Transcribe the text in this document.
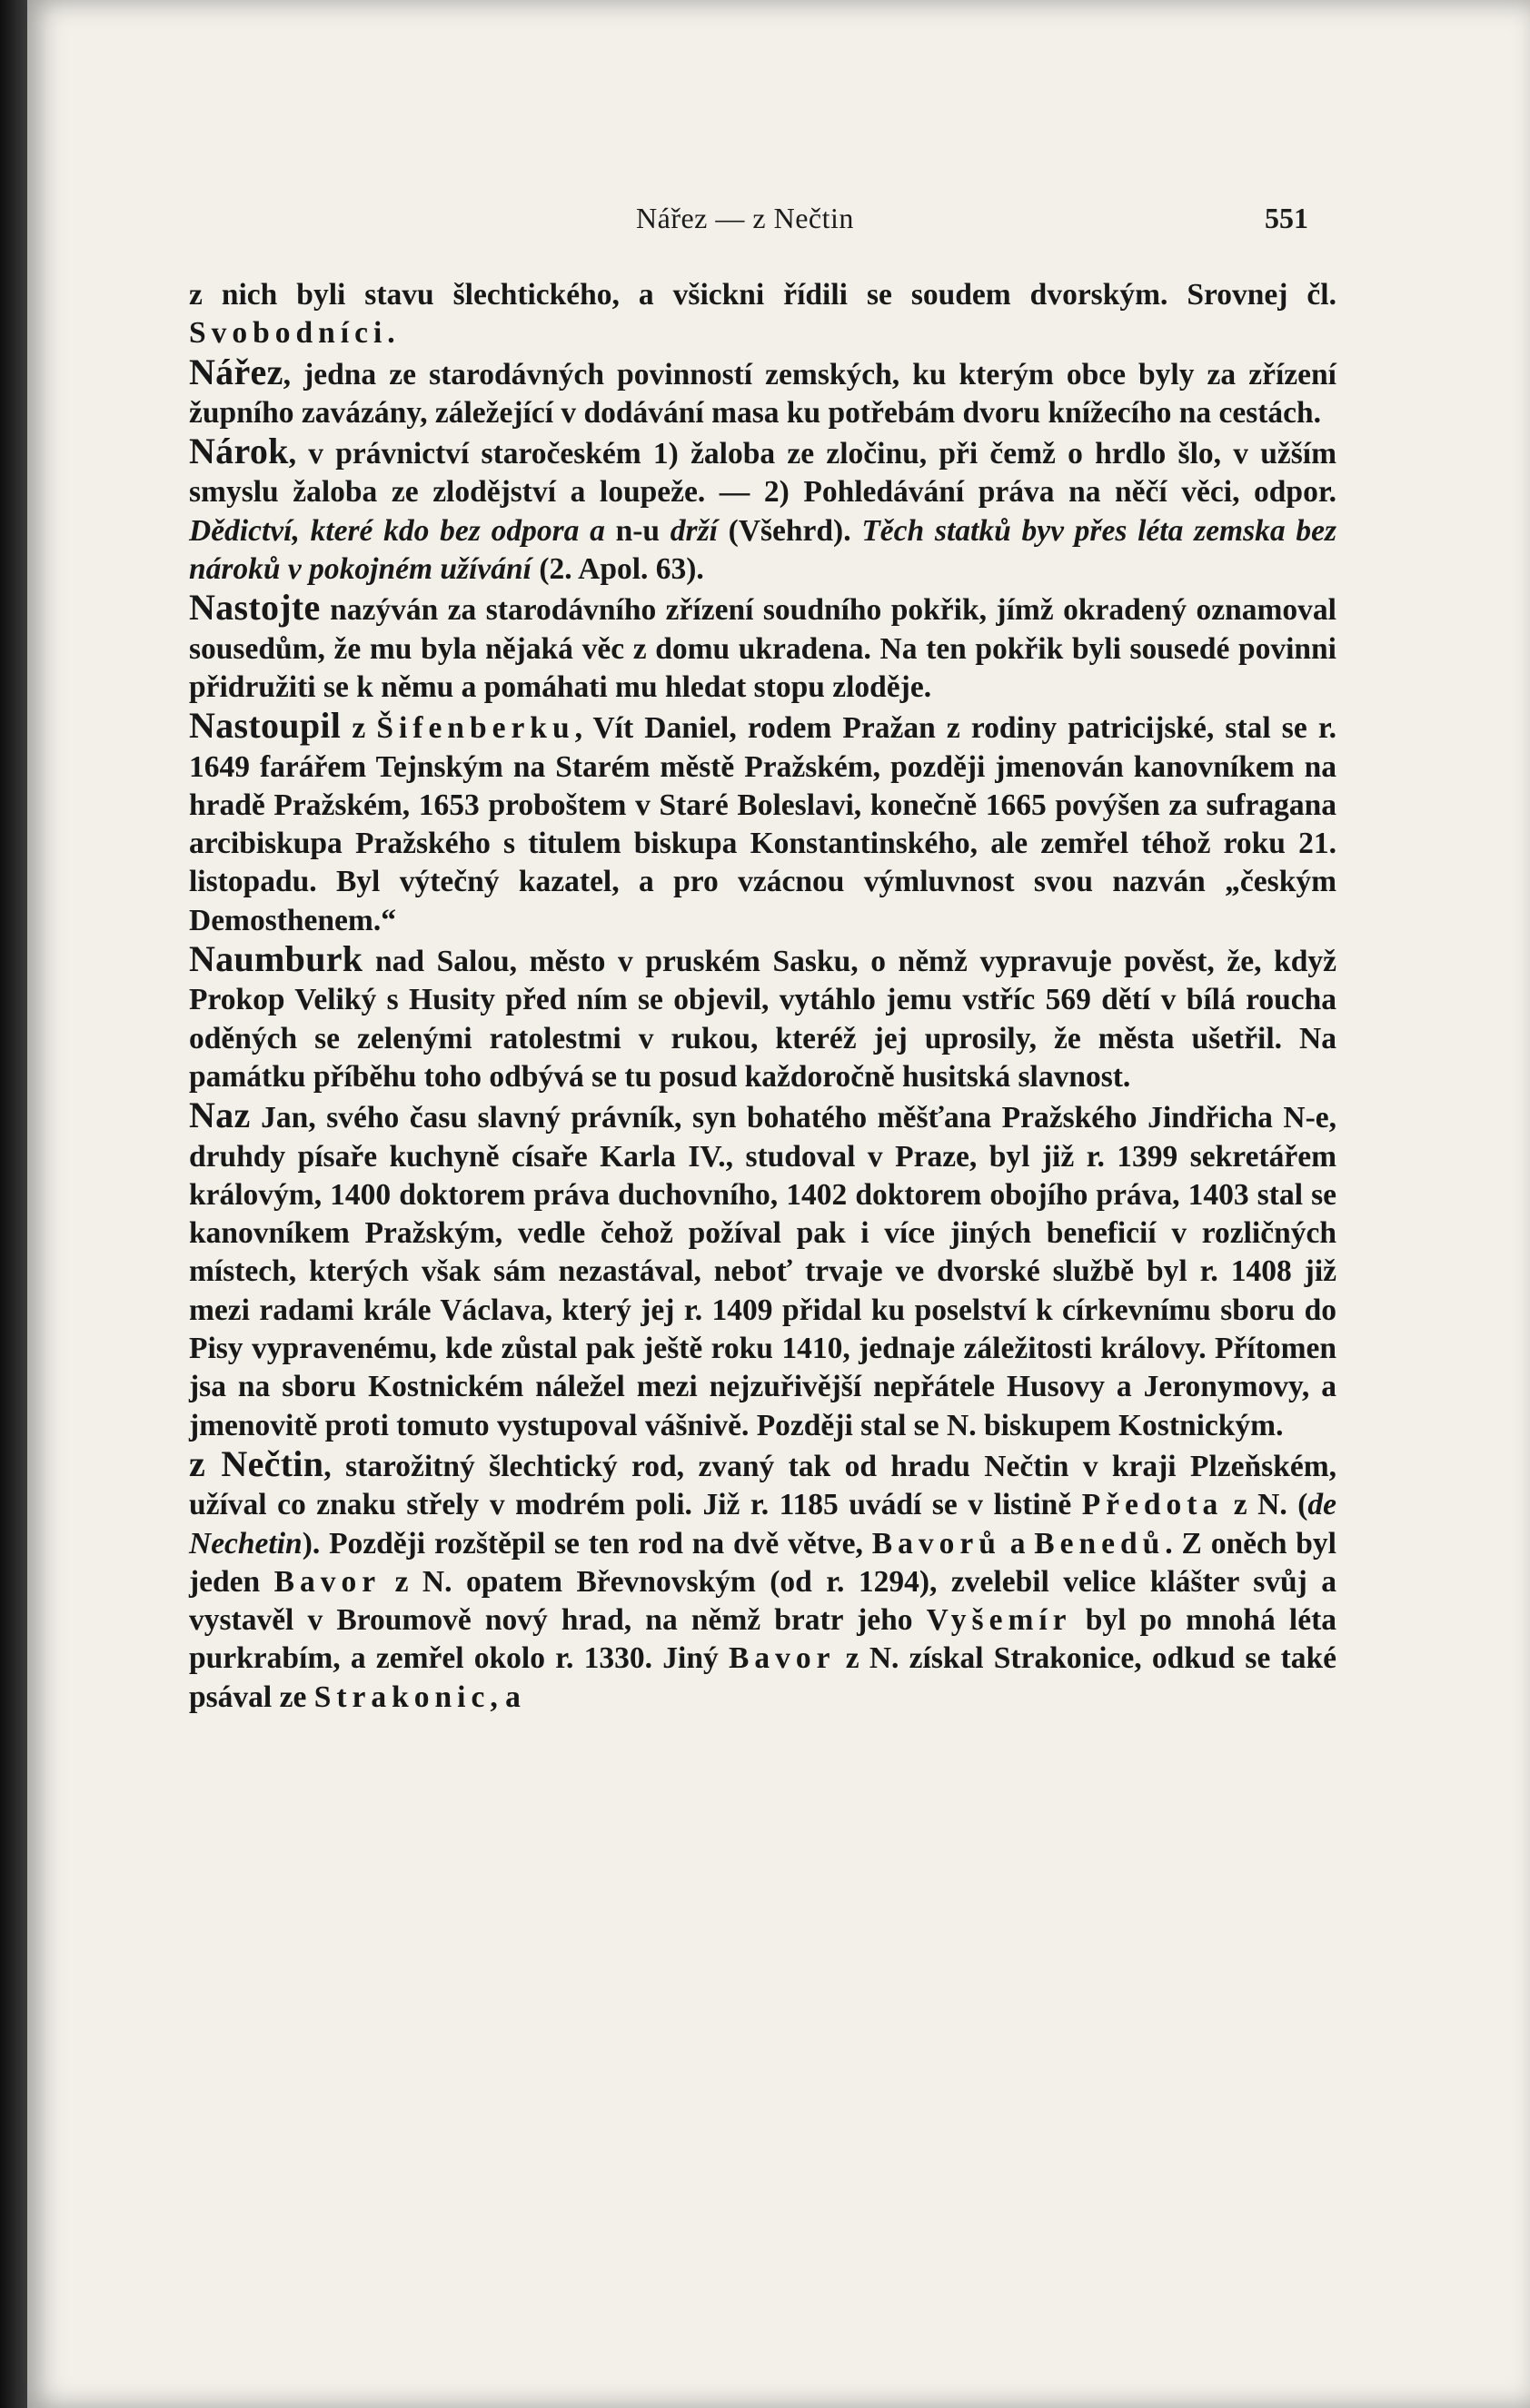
Nářez — z Nečtin	551

z nich byli stavu šlechtického, a všickni řídili se soudem dvorským. Srovnej čl. Svobodníci.

Nářez, jedna ze starodávných povinností zemských, ku kterým obce byly za zřízení župního zavázány, záležející v dodávání masa ku potřebám dvoru knížecího na cestách.

Nárok, v právnictví staročeském 1) žaloba ze zločinu, při čemž o hrdlo šlo, v užším smyslu žaloba ze zlodějství a loupeže. — 2) Pohledávání práva na něčí věci, odpor. Dědictví, které kdo bez odpora a n-u drží (Všehrd). Těch statků byv přes léta zemska bez nároků v pokojném užívání (2. Apol. 63).

Nastojte nazýván za starodávního zřízení soudního pokřik, jímž okradený oznamoval sousedům, že mu byla nějaká věc z domu ukradena. Na ten pokřik byli sousedé povinni přidružiti se k němu a pomáhati mu hledat stopu zloděje.

Nastoupil z Šifenberku, Vít Daniel, rodem Pražan z rodiny patricijské, stal se r. 1649 farářem Tejnským na Starém městě Pražském, později jmenován kanovníkem na hradě Pražském, 1653 proboštem v Staré Boleslavi, konečně 1665 povýšen za sufragana arcibiskupa Pražského s titulem biskupa Konstantinského, ale zemřel téhož roku 21. listopadu. Byl výtečný kazatel, a pro vzácnou výmluvnost svou nazván „českým Demosthenem.“

Naumburk nad Salou, město v pruském Sasku, o němž vypravuje pověst, že, když Prokop Veliký s Husity před ním se objevil, vytáhlo jemu vstříc 569 dětí v bílá roucha oděných se zelenými ratolestmi v rukou, kteréž jej uprosily, že města ušetřil. Na památku příběhu toho odbývá se tu posud každoročně husitská slavnost.

Naz Jan, svého času slavný právník, syn bohatého měšťana Pražského Jindřicha N-e, druhdy písaře kuchyně císaře Karla IV., studoval v Praze, byl již r. 1399 sekretářem královým, 1400 doktorem práva duchovního, 1402 doktorem obojího práva, 1403 stal se kanovníkem Pražským, vedle čehož požíval pak i více jiných beneficií v rozličných místech, kterých však sám nezastával, neboť trvaje ve dvorské službě byl r. 1408 již mezi radami krále Václava, který jej r. 1409 přidal ku poselství k církevnímu sboru do Pisy vypravenému, kde zůstal pak ještě roku 1410, jednaje záležitosti královy. Přítomen jsa na sboru Kostnickém náležel mezi nejzuřivější nepřátele Husovy a Jeronymovy, a jmenovitě proti tomuto vystupoval vášnivě. Později stal se N. biskupem Kostnickým.

z Nečtin, starožitný šlechtický rod, zvaný tak od hradu Nečtin v kraji Plzeňském, užíval co znaku střely v modrém poli. Již r. 1185 uvádí se v listině Předota z N. (de Nechetin). Později rozštěpil se ten rod na dvě větve, Bavorů a Benedů. Z oněch byl jeden Bavor z N. opatem Břevnovským (od r. 1294), zvelebil velice klášter svůj a vystavěl v Broumově nový hrad, na němž bratr jeho Vyšemír byl po mnohá léta purkrabím, a zemřel okolo r. 1330. Jiný Bavor z N. získal Strakonice, odkud se také psával ze Strakonic, a
